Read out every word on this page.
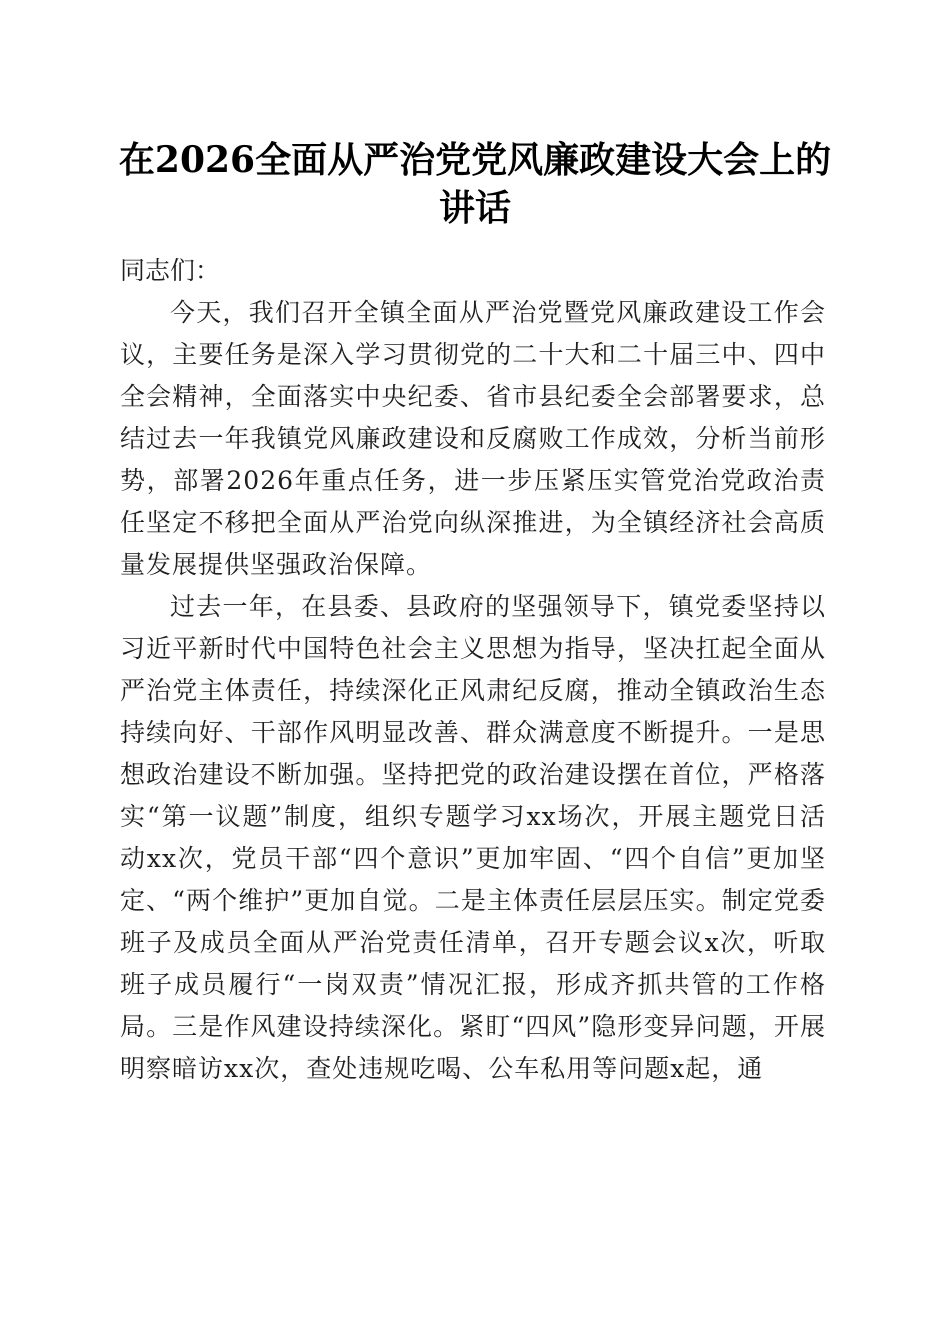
在2026全面从严治党党风廉政建设大会上的讲话

同志们：

今天，我们召开全镇全面从严治党暨党风廉政建设工作会议，主要任务是深入学习贯彻党的二十大和二十届三中、四中全会精神，全面落实中央纪委、省市县纪委全会部署要求，总结过去一年我镇党风廉政建设和反腐败工作成效，分析当前形势，部署2026年重点任务，进一步压紧压实管党治党政治责任坚定不移把全面从严治党向纵深推进，为全镇经济社会高质量发展提供坚强政治保障。

过去一年，在县委、县政府的坚强领导下，镇党委坚持以习近平新时代中国特色社会主义思想为指导，坚决扛起全面从严治党主体责任，持续深化正风肃纪反腐，推动全镇政治生态持续向好、干部作风明显改善、群众满意度不断提升。一是思想政治建设不断加强。坚持把党的政治建设摆在首位，严格落实“第一议题”制度，组织专题学习xx场次，开展主题党日活动xx次，党员干部“四个意识”更加牢固、“四个自信”更加坚定、“两个维护”更加自觉。二是主体责任层层压实。制定党委班子及成员全面从严治党责任清单，召开专题会议x次，听取班子成员履行“一岗双责”情况汇报，形成齐抓共管的工作格局。三是作风建设持续深化。紧盯“四风”隐形变异问题，开展明察暗访xx次，查处违规吃喝、公车私用等问题x起，通
